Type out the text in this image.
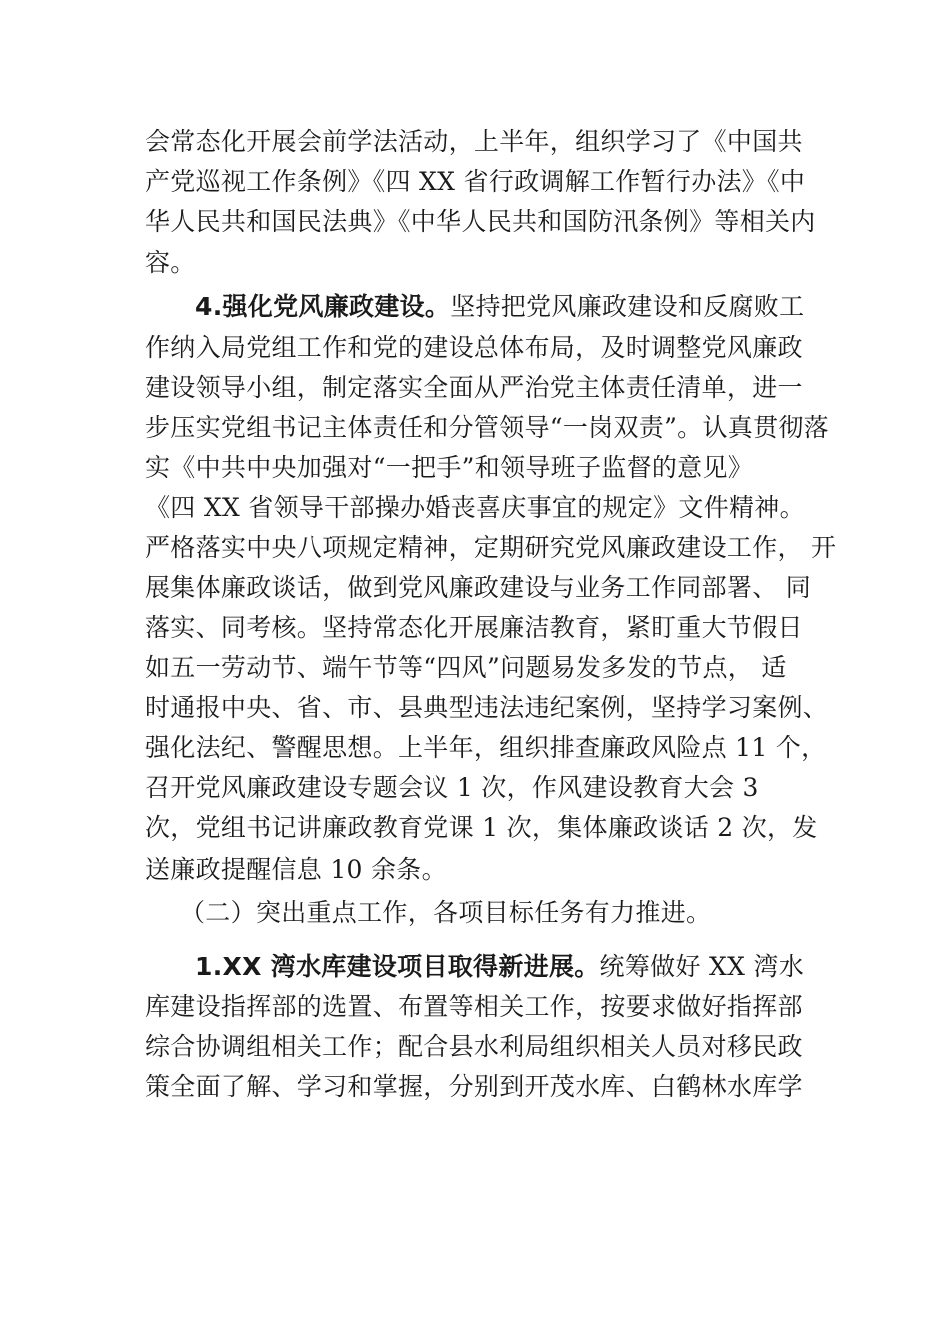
会常态化开展会前学法活动，上半年，组织学习了《中国共
产党巡视工作条例》《四 XX 省行政调解工作暂行办法》《中
华人民共和国民法典》《中华人民共和国防汛条例》等相关内
容。
4.强化党风廉政建设。坚持把党风廉政建设和反腐败工
作纳入局党组工作和党的建设总体布局，及时调整党风廉政
建设领导小组，制定落实全面从严治党主体责任清单，进一
步压实党组书记主体责任和分管领导“一岗双责”。认真贯彻落
实《中共中央加强对“一把手”和领导班子监督的意见》
《四 XX 省领导干部操办婚丧喜庆事宜的规定》文件精神。
严格落实中央八项规定精神，定期研究党风廉政建设工作， 开
展集体廉政谈话，做到党风廉政建设与业务工作同部署、 同
落实、同考核。坚持常态化开展廉洁教育，紧盯重大节假日
如五一劳动节、端午节等“四风”问题易发多发的节点， 适
时通报中央、省、市、县典型违法违纪案例，坚持学习案例、
强化法纪、警醒思想。上半年，组织排查廉政风险点 11 个，
召开党风廉政建设专题会议 1 次，作风建设教育大会 3
次，党组书记讲廉政教育党课 1 次，集体廉政谈话 2 次，发
送廉政提醒信息 10 余条。
（二）突出重点工作，各项目标任务有力推进。
1.XX 湾水库建设项目取得新进展。统筹做好 XX 湾水
库建设指挥部的选置、布置等相关工作，按要求做好指挥部
综合协调组相关工作；配合县水利局组织相关人员对移民政
策全面了解、学习和掌握，分别到开茂水库、白鹤林水库学
